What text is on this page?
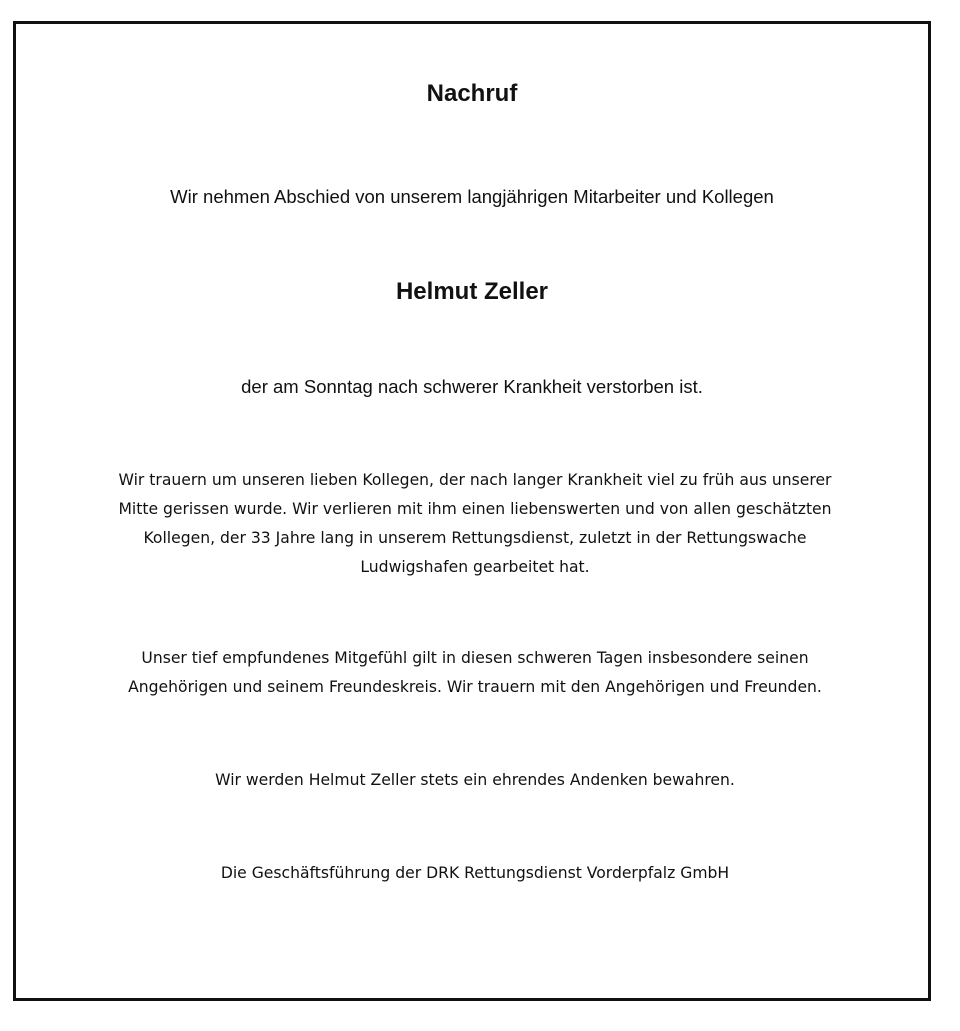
Nachruf

Wir nehmen Abschied von unserem langjährigen Mitarbeiter und Kollegen

Helmut Zeller

der am Sonntag nach schwerer Krankheit verstorben ist.

Wir trauern um unseren lieben Kollegen, der nach langer Krankheit viel zu früh aus unserer
Mitte gerissen wurde. Wir verlieren mit ihm einen liebenswerten und von allen geschätzten
Kollegen, der 33 Jahre lang in unserem Rettungsdienst, zuletzt in der Rettungswache
Ludwigshafen gearbeitet hat.

Unser tief empfundenes Mitgefühl gilt in diesen schweren Tagen insbesondere seinen
Angehörigen und seinem Freundeskreis. Wir trauern mit den Angehörigen und Freunden.

Wir werden Helmut Zeller stets ein ehrendes Andenken bewahren.

Die Geschäftsführung der DRK Rettungsdienst Vorderpfalz GmbH
